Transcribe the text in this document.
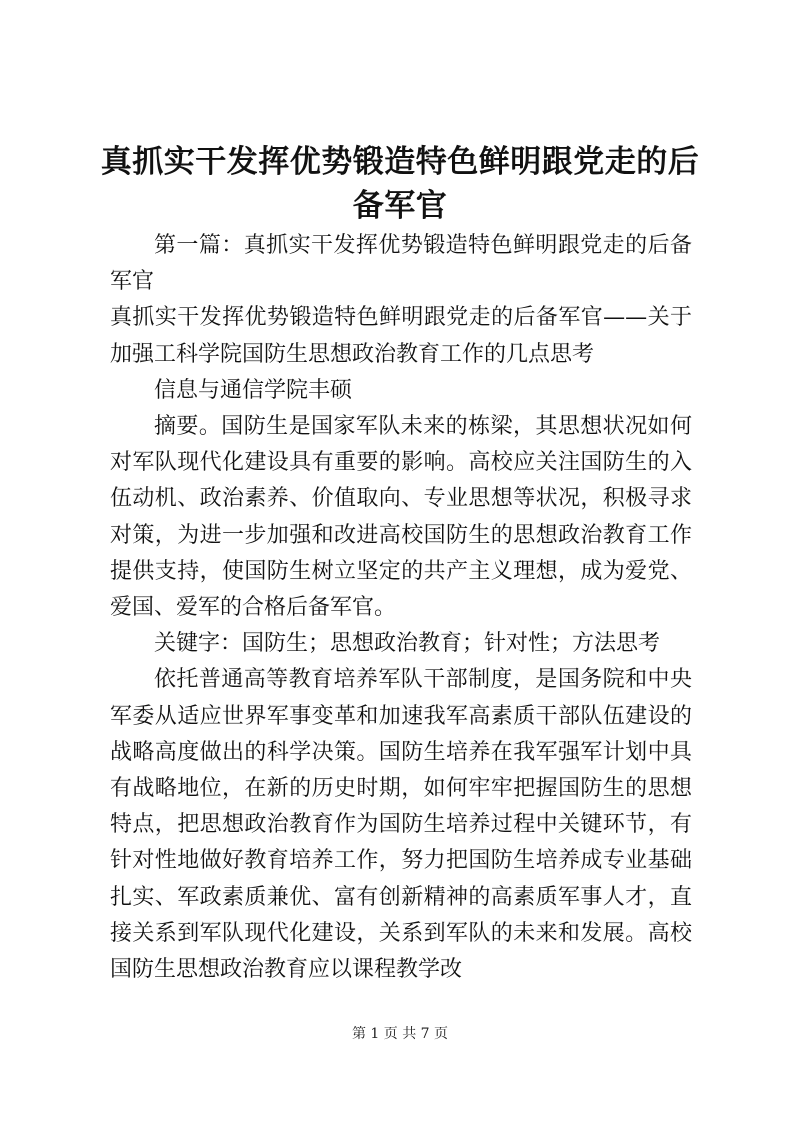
真抓实干发挥优势锻造特色鲜明跟党走的后备军官

第一篇：真抓实干发挥优势锻造特色鲜明跟党走的后备军官

真抓实干发挥优势锻造特色鲜明跟党走的后备军官——关于加强工科学院国防生思想政治教育工作的几点思考

信息与通信学院丰硕

摘要。国防生是国家军队未来的栋梁，其思想状况如何对军队现代化建设具有重要的影响。高校应关注国防生的入伍动机、政治素养、价值取向、专业思想等状况，积极寻求对策，为进一步加强和改进高校国防生的思想政治教育工作提供支持，使国防生树立坚定的共产主义理想，成为爱党、爱国、爱军的合格后备军官。

关键字：国防生；思想政治教育；针对性；方法思考

依托普通高等教育培养军队干部制度，是国务院和中央军委从适应世界军事变革和加速我军高素质干部队伍建设的战略高度做出的科学决策。国防生培养在我军强军计划中具有战略地位，在新的历史时期，如何牢牢把握国防生的思想特点，把思想政治教育作为国防生培养过程中关键环节，有针对性地做好教育培养工作，努力把国防生培养成专业基础扎实、军政素质兼优、富有创新精神的高素质军事人才，直接关系到军队现代化建设，关系到军队的未来和发展。高校国防生思想政治教育应以课程教学改

第 1 页 共 7 页
